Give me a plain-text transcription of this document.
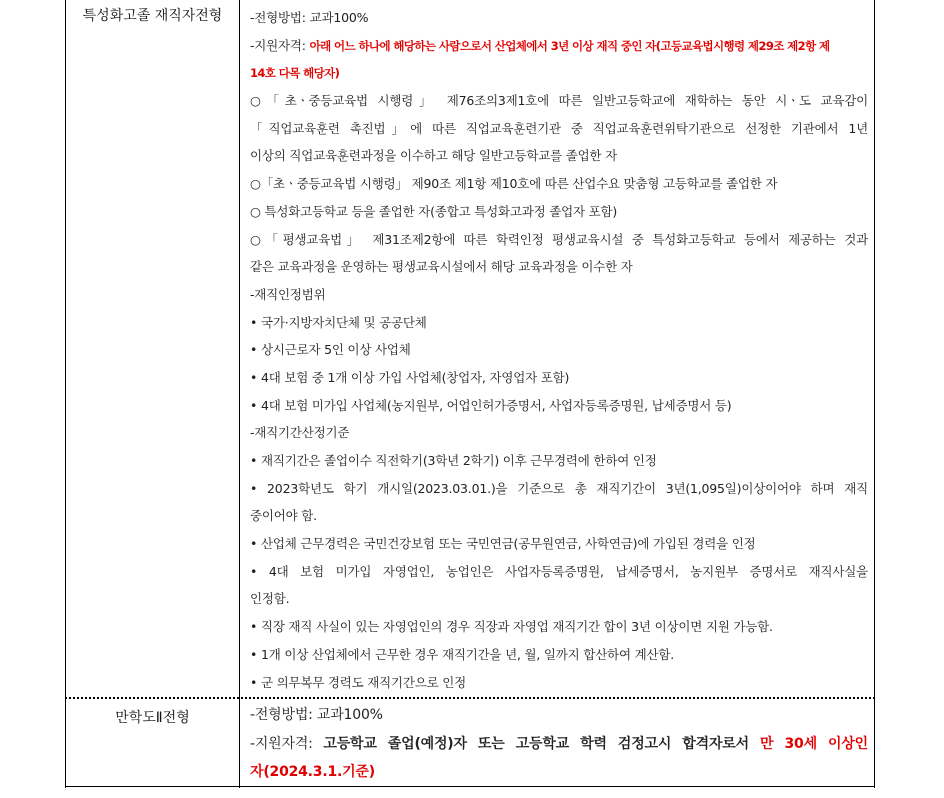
특성화고졸 재직자전형	-전형방법: 교과100%
-지원자격: 아래 어느 하나에 해당하는 사람으로서 산업체에서 3년 이상 재직 중인 자(고등교육법시행령 제29조 제2항 제
14호 다목 해당자)
○「초ㆍ중등교육법 시행령」 제76조의3제1호에 따른 일반고등학교에 재학하는 동안 시ㆍ도 교육감이
「직업교육훈련 촉진법」에 따른 직업교육훈련기관 중 직업교육훈련위탁기관으로 선정한 기관에서 1년
이상의 직업교육훈련과정을 이수하고 해당 일반고등학교를 졸업한 자
○「초ㆍ중등교육법 시행령」 제90조 제1항 제10호에 따른 산업수요 맞춤형 고등학교를 졸업한 자
○ 특성화고등학교 등을 졸업한 자(종합고 특성화고과정 졸업자 포함)
○「평생교육법」 제31조제2항에 따른 학력인정 평생교육시설 중 특성화고등학교 등에서 제공하는 것과
같은 교육과정을 운영하는 평생교육시설에서 해당 교육과정을 이수한 자
-재직인정범위
• 국가·지방자치단체 및 공공단체
• 상시근로자 5인 이상 사업체
• 4대 보험 중 1개 이상 가입 사업체(창업자, 자영업자 포함)
• 4대 보험 미가입 사업체(농지원부, 어업인허가증명서, 사업자등록증명원, 납세증명서 등)
-재직기간산정기준
• 재직기간은 졸업이수 직전학기(3학년 2학기) 이후 근무경력에 한하여 인정
• 2023학년도 학기 개시일(2023.03.01.)을 기준으로 총 재직기간이 3년(1,095일)이상이어야 하며 재직
중이어야 함.
• 산업체 근무경력은 국민건강보험 또는 국민연금(공무원연금, 사학연금)에 가입된 경력을 인정
• 4대 보험 미가입 자영업인, 농업인은 사업자등록증명원, 납세증명서, 농지원부 증명서로 재직사실을
인정함.
• 직장 재직 사실이 있는 자영업인의 경우 직장과 자영업 재직기간 합이 3년 이상이면 지원 가능함.
• 1개 이상 산업체에서 근무한 경우 재직기간을 년, 월, 일까지 합산하여 계산함.
• 군 의무복무 경력도 재직기간으로 인정
만학도Ⅱ전형	-전형방법: 교과100%
-지원자격: 고등학교 졸업(예정)자 또는 고등학교 학력 검정고시 합격자로서 만 30세 이상인
자(2024.3.1.기준)
